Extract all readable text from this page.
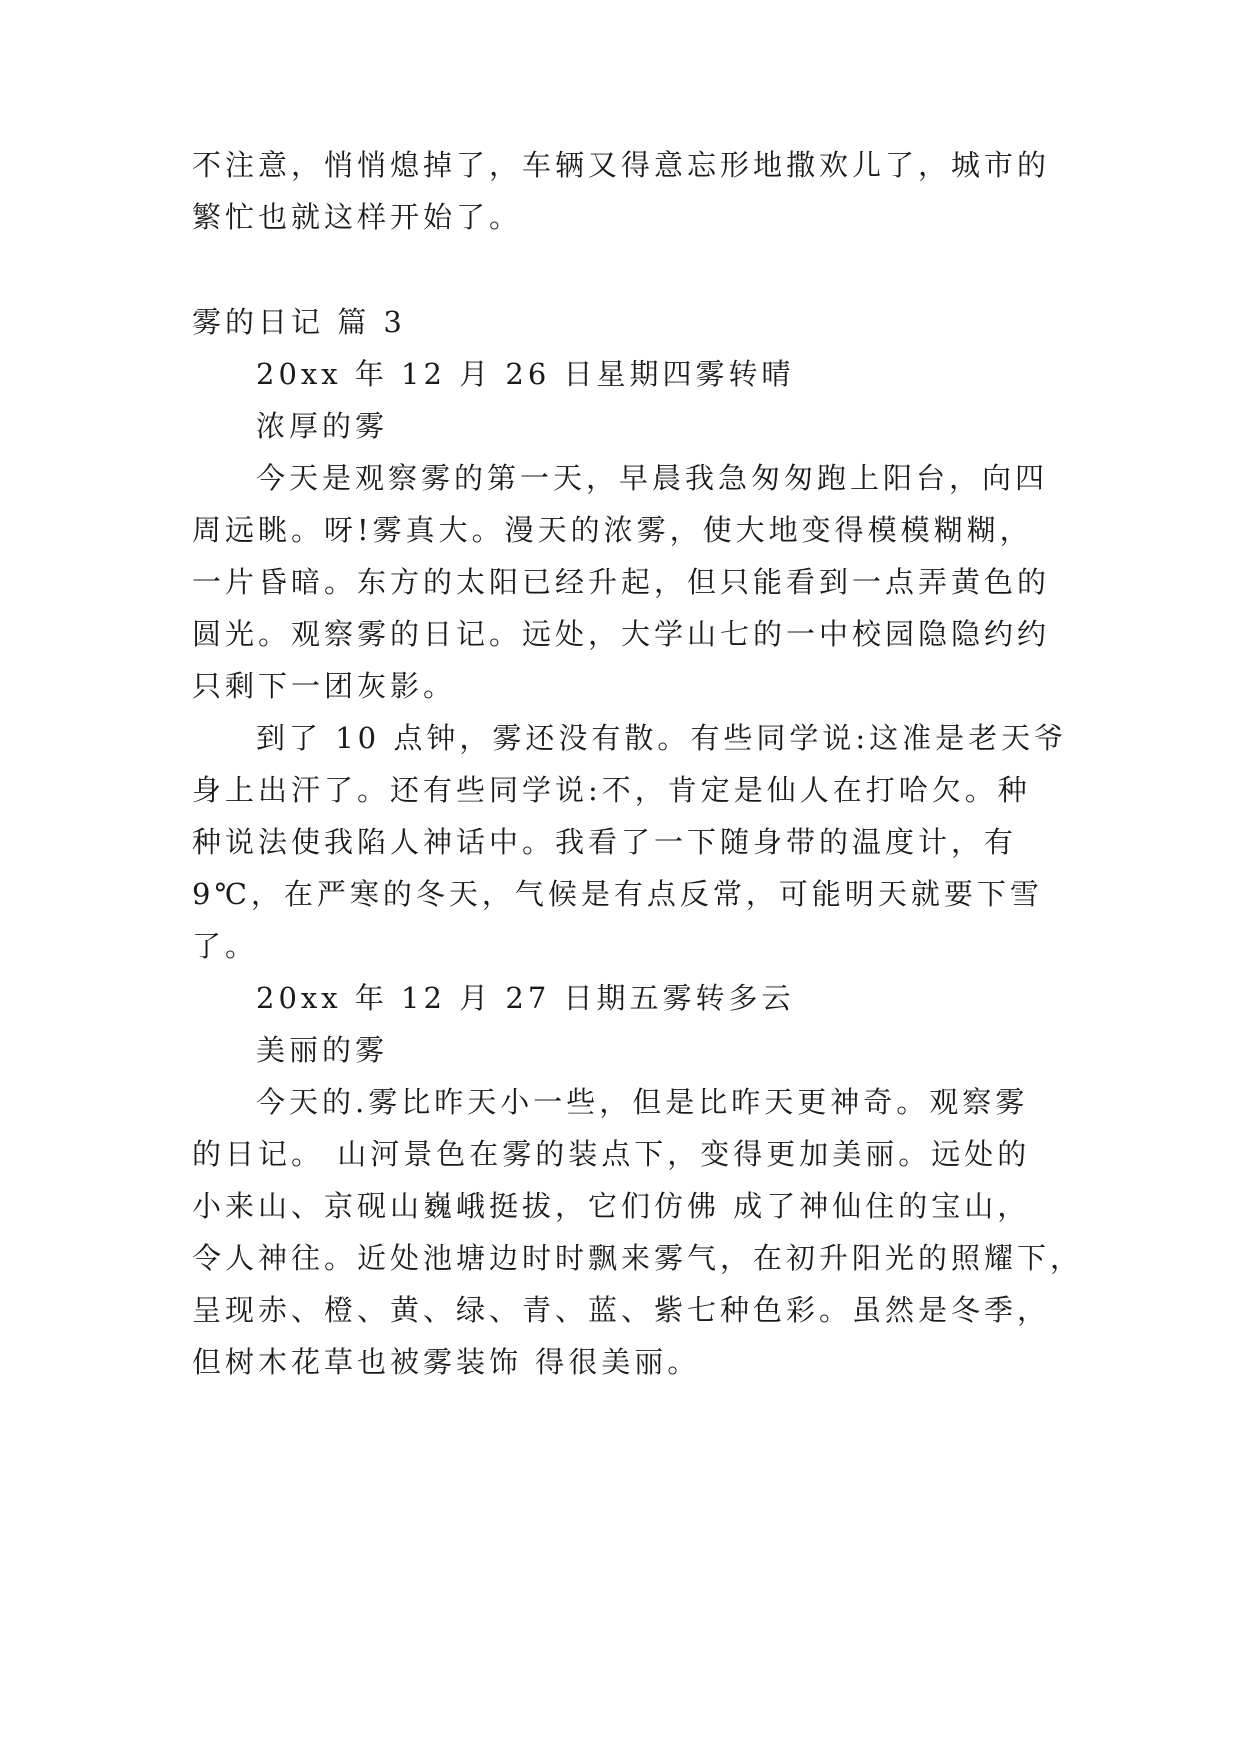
不注意，悄悄熄掉了，车辆又得意忘形地撒欢儿了，城市的
繁忙也就这样开始了。
雾的日记 篇 3
20xx 年 12 月 26 日星期四雾转晴
浓厚的雾
今天是观察雾的第一天，早晨我急匆匆跑上阳台，向四
周远眺。呀!雾真大。漫天的浓雾，使大地变得模模糊糊，
一片昏暗。东方的太阳已经升起，但只能看到一点弄黄色的
圆光。观察雾的日记。远处，大学山七的一中校园隐隐约约
只剩下一团灰影。
到了 10 点钟，雾还没有散。有些同学说:这准是老天爷
身上出汗了。还有些同学说:不，肯定是仙人在打哈欠。种
种说法使我陷人神话中。我看了一下随身带的温度计，有
9℃，在严寒的冬天，气候是有点反常，可能明天就要下雪
了。
20xx 年 12 月 27 日期五雾转多云
美丽的雾
今天的.雾比昨天小一些，但是比昨天更神奇。观察雾
的日记。 山河景色在雾的装点下，变得更加美丽。远处的
小来山、京砚山巍峨挺拔，它们仿佛 成了神仙住的宝山，
令人神往。近处池塘边时时飘来雾气，在初升阳光的照耀下，
呈现赤、橙、黄、绿、青、蓝、紫七种色彩。虽然是冬季，
但树木花草也被雾装饰 得很美丽。
